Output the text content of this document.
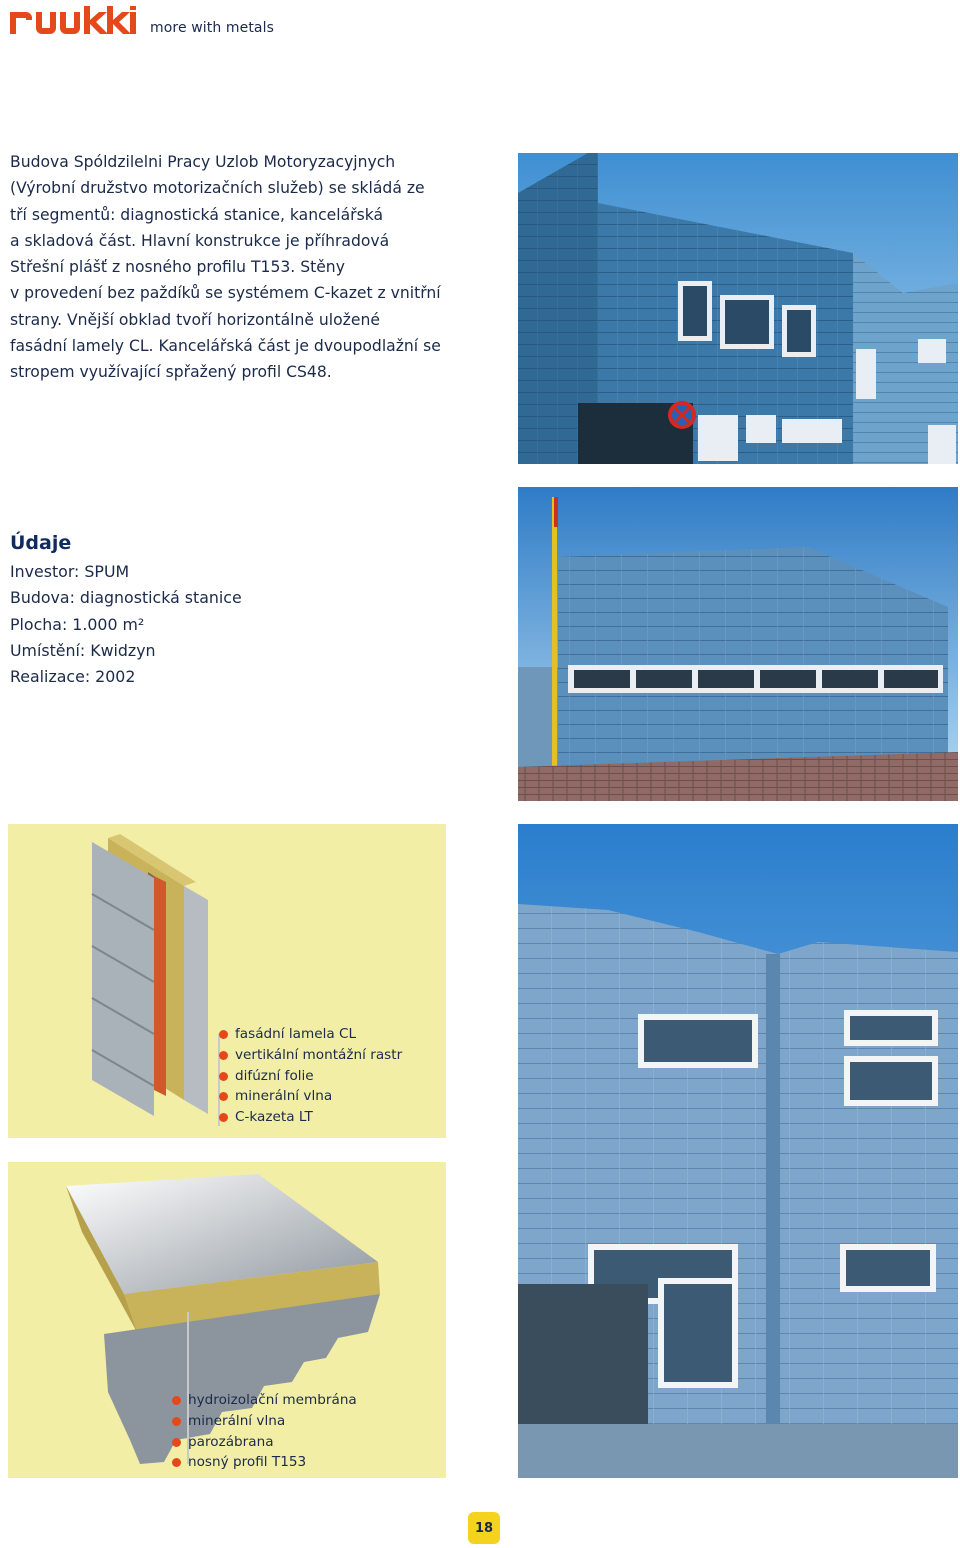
more with metals
Budova Spóldzilelni Pracy Uzlob Motoryzacyjnych
(Výrobní družstvo motorizačních služeb) se skládá ze
tří segmentů: diagnostická stanice, kancelářská
a skladová část. Hlavní konstrukce je příhradová
Střešní plášť z nosného profilu T153. Stěny
v provedení bez paždíků se systémem C-kazet z vnitřní
strany. Vnější obklad tvoří horizontálně uložené
fasádní lamely CL. Kancelářská část je dvoupodlažní se
stropem využívající spřažený profil CS48.
Údaje
Investor: SPUM
Budova: diagnostická stanice
Plocha: 1.000 m²
Umístění: Kwidzyn
Realizace: 2002
fasádní lamela CL
vertikální montážní rastr
difúzní folie
minerální vlna
C-kazeta LT
hydroizolační membrána
minerální vlna
parozábrana
nosný profil T153
18
